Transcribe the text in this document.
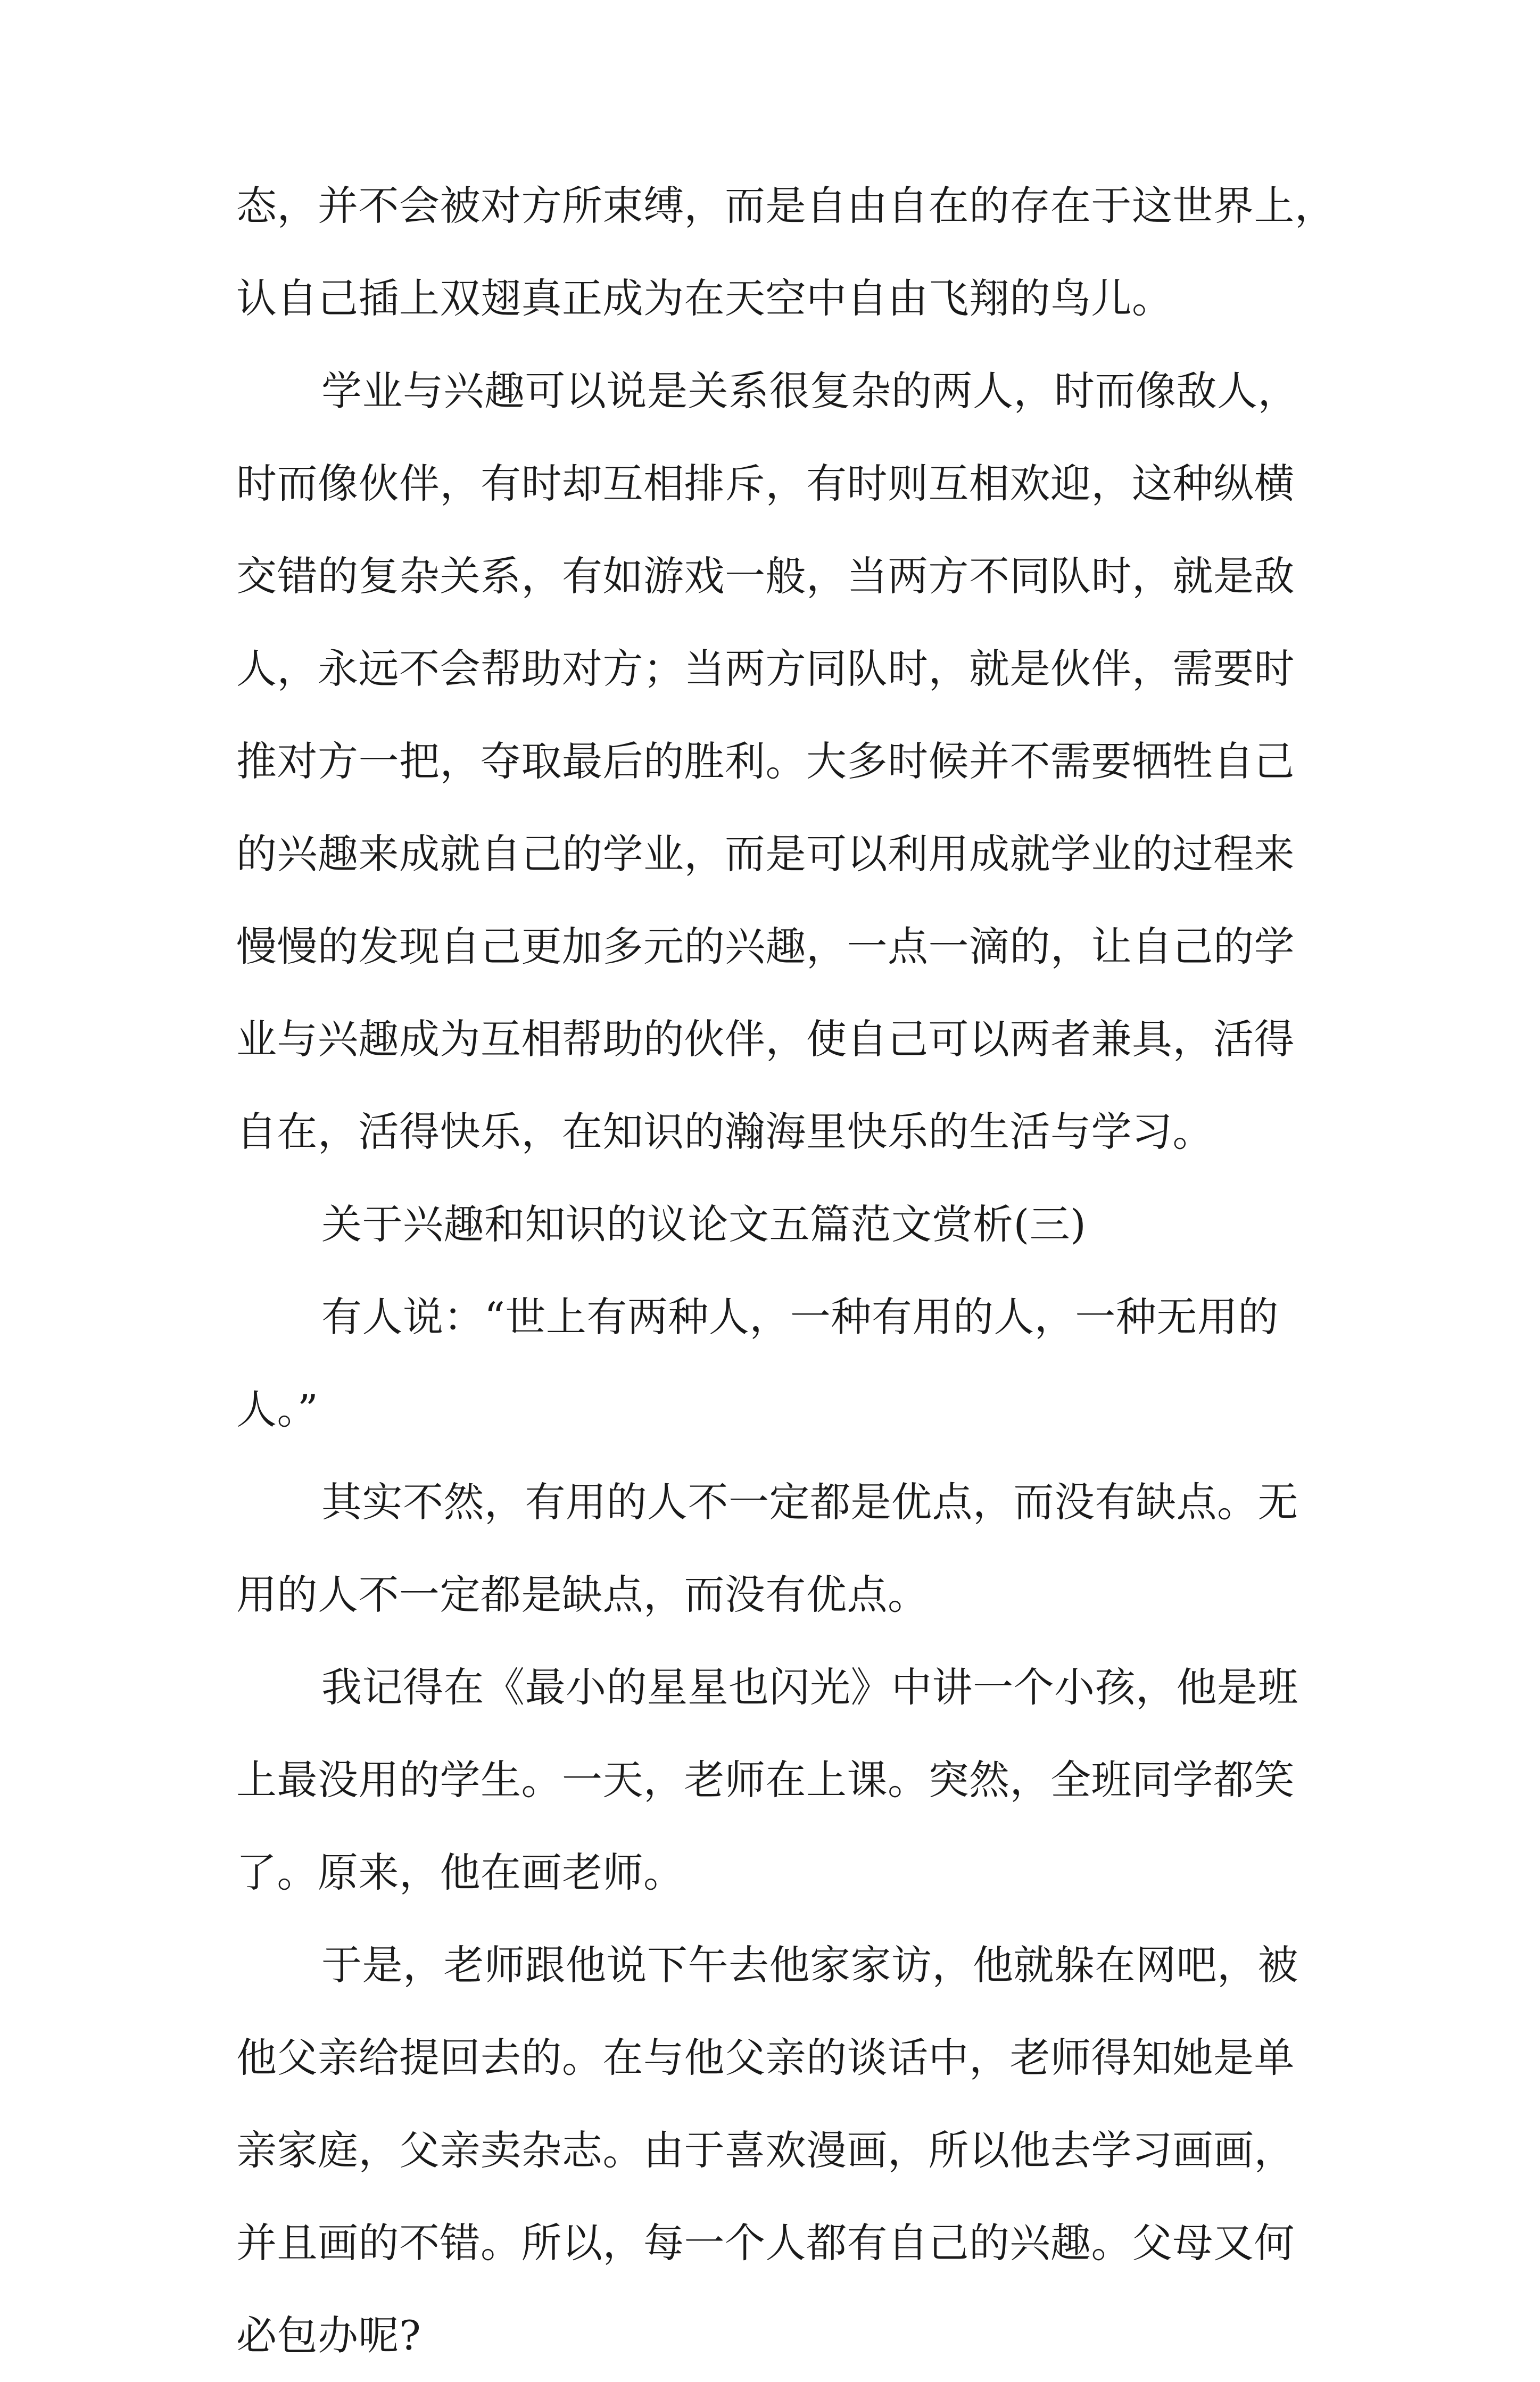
态，并不会被对方所束缚，而是自由自在的存在于这世界上，
认自己插上双翅真正成为在天空中自由飞翔的鸟儿。
学业与兴趣可以说是关系很复杂的两人，时而像敌人，
时而像伙伴，有时却互相排斥，有时则互相欢迎，这种纵横
交错的复杂关系，有如游戏一般，当两方不同队时，就是敌
人，永远不会帮助对方；当两方同队时，就是伙伴，需要时
推对方一把，夺取最后的胜利。大多时候并不需要牺牲自己
的兴趣来成就自己的学业，而是可以利用成就学业的过程来
慢慢的发现自己更加多元的兴趣，一点一滴的，让自己的学
业与兴趣成为互相帮助的伙伴，使自己可以两者兼具，活得
自在，活得快乐，在知识的瀚海里快乐的生活与学习。
关于兴趣和知识的议论文五篇范文赏析(三)
有人说：“世上有两种人，一种有用的人，一种无用的
人。”
其实不然，有用的人不一定都是优点，而没有缺点。无
用的人不一定都是缺点，而没有优点。
我记得在《最小的星星也闪光》中讲一个小孩，他是班
上最没用的学生。一天，老师在上课。突然，全班同学都笑
了。原来，他在画老师。
于是，老师跟他说下午去他家家访，他就躲在网吧，被
他父亲给提回去的。在与他父亲的谈话中，老师得知她是单
亲家庭，父亲卖杂志。由于喜欢漫画，所以他去学习画画，
并且画的不错。所以，每一个人都有自己的兴趣。父母又何
必包办呢?
